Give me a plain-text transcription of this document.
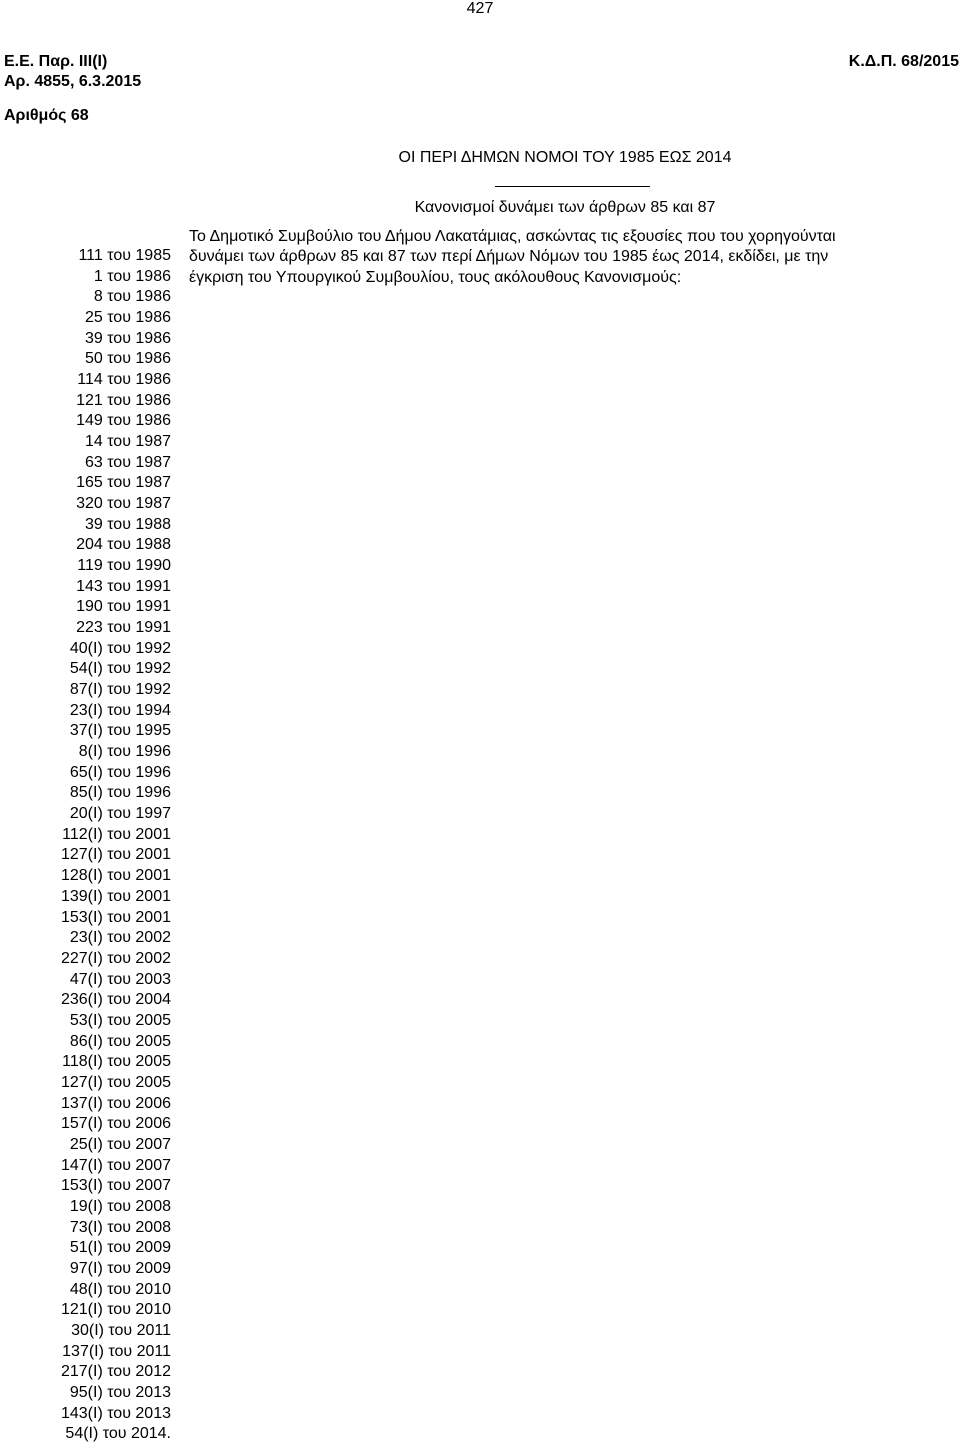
427
Ε.Ε. Παρ. ΙΙΙ(Ι)
Αρ. 4855, 6.3.2015
Κ.Δ.Π. 68/2015
Αριθμός 68
ΟΙ ΠΕΡΙ ΔΗΜΩΝ ΝΟΜΟΙ ΤΟΥ 1985 ΕΩΣ 2014
Κανονισμοί δυνάμει των άρθρων 85 και 87
Το Δημοτικό Συμβούλιο του Δήμου Λακατάμιας, ασκώντας τις εξουσίες που του χορηγούνται
δυνάμει των άρθρων 85 και 87 των περί Δήμων Νόμων του 1985 έως 2014, εκδίδει, με την
έγκριση του Υπουργικού Συμβουλίου, τους ακόλουθους Κανονισμούς:
111 του 1985
1 του 1986
8 του 1986
25 του 1986
39 του 1986
50 του 1986
114 του 1986
121 του 1986
149 του 1986
14 του 1987
63 του 1987
165 του 1987
320 του 1987
39 του 1988
204 του 1988
119 του 1990
143 του 1991
190 του 1991
223 του 1991
40(Ι) του 1992
54(Ι) του 1992
87(Ι) του 1992
23(Ι) του 1994
37(Ι) του 1995
8(Ι) του 1996
65(Ι) του 1996
85(Ι) του 1996
20(Ι) του 1997
112(Ι) του 2001
127(Ι) του 2001
128(Ι) του 2001
139(Ι) του 2001
153(Ι) του 2001
23(Ι) του 2002
227(Ι) του 2002
47(Ι) του 2003
236(Ι) του 2004
53(Ι) του 2005
86(Ι) του 2005
118(Ι) του 2005
127(Ι) του 2005
137(Ι) του 2006
157(Ι) του 2006
25(Ι) του 2007
147(Ι) του 2007
153(Ι) του 2007
19(Ι) του 2008
73(Ι) του 2008
51(Ι) του 2009
97(Ι) του 2009
48(Ι) του 2010
121(Ι) του 2010
30(Ι) του 2011
137(Ι) του 2011
217(Ι) του 2012
95(Ι) του 2013
143(Ι) του 2013
54(Ι) του 2014.
